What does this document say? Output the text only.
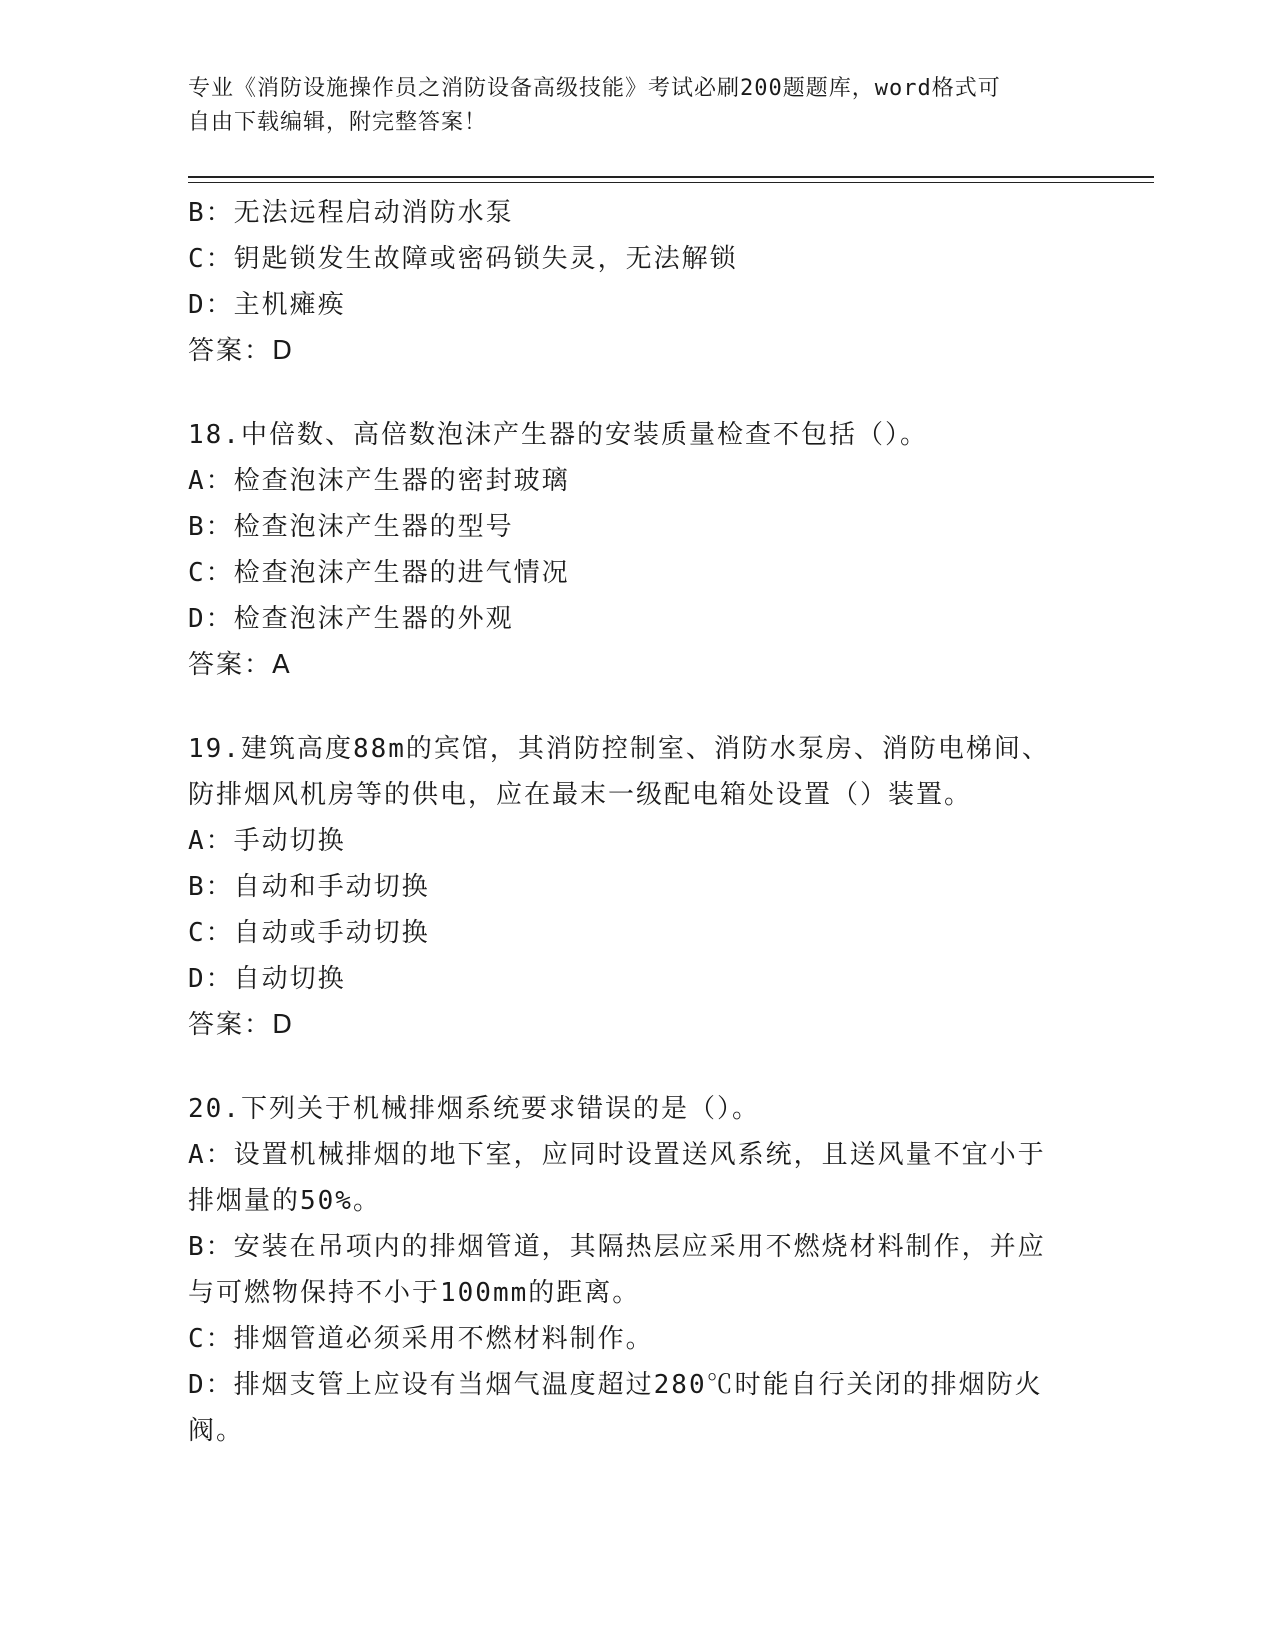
专业《消防设施操作员之消防设备高级技能》考试必刷200题题库，word格式可
自由下载编辑，附完整答案！
B：无法远程启动消防水泵
C：钥匙锁发生故障或密码锁失灵，无法解锁
D：主机瘫痪
答案：D
18.中倍数、高倍数泡沫产生器的安装质量检查不包括（）。
A：检查泡沫产生器的密封玻璃
B：检查泡沫产生器的型号
C：检查泡沫产生器的进气情况
D：检查泡沫产生器的外观
答案：A
19.建筑高度88m的宾馆，其消防控制室、消防水泵房、消防电梯间、
防排烟风机房等的供电，应在最末一级配电箱处设置（）装置。
A：手动切换
B：自动和手动切换
C：自动或手动切换
D：自动切换
答案：D
20.下列关于机械排烟系统要求错误的是（）。
A：设置机械排烟的地下室，应同时设置送风系统，且送风量不宜小于
排烟量的50%。
B：安装在吊项内的排烟管道，其隔热层应采用不燃烧材料制作，并应
与可燃物保持不小于100mm的距离。
C：排烟管道必须采用不燃材料制作。
D：排烟支管上应设有当烟气温度超过280℃时能自行关闭的排烟防火
阀。
